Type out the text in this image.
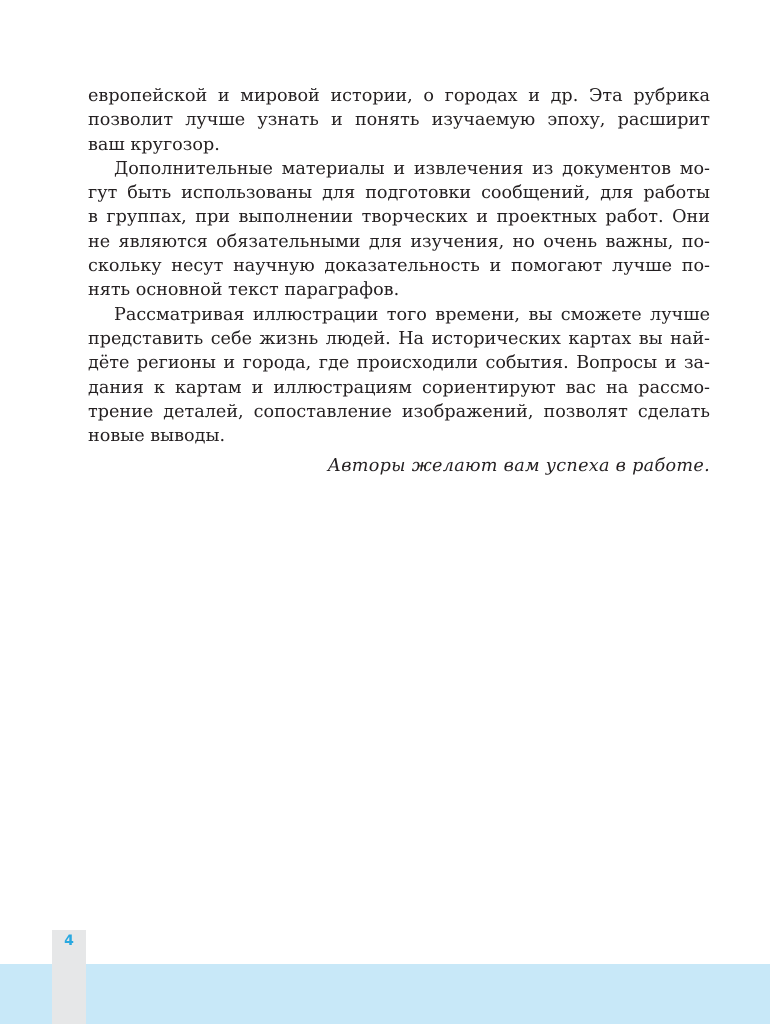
европейской и мировой истории, о городах и др. Эта рубрика
позволит лучше узнать и понять изучаемую эпоху, расширит
ваш кругозор.
Дополнительные материалы и извлечения из документов мо-
гут быть использованы для подготовки сообщений, для работы
в группах, при выполнении творческих и проектных работ. Они
не являются обязательными для изучения, но очень важны, по-
скольку несут научную доказательность и помогают лучше по-
нять основной текст параграфов.
Рассматривая иллюстрации того времени, вы сможете лучше
представить себе жизнь людей. На исторических картах вы най-
дёте регионы и города, где происходили события. Вопросы и за-
дания к картам и иллюстрациям сориентируют вас на рассмо-
трение деталей, сопоставление изображений, позволят сделать
новые выводы.
Авторы желают вам успеха в работе.
4
